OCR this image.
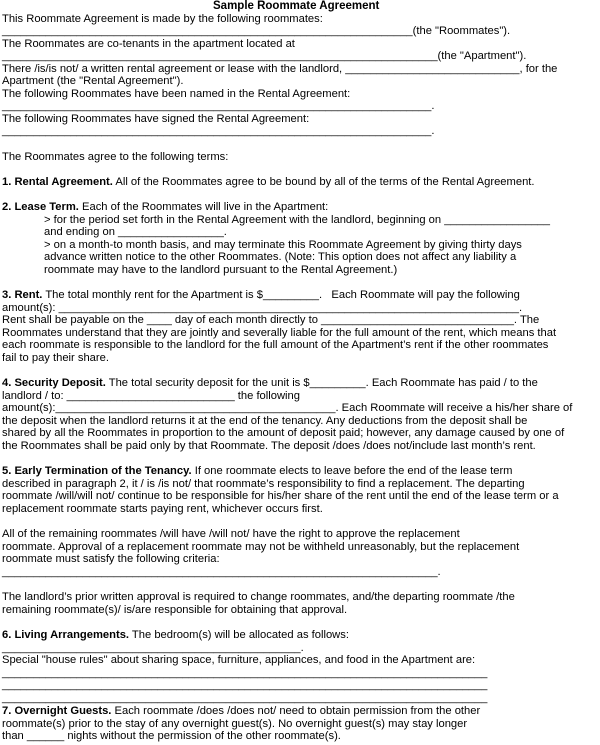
Sample Roommate Agreement
This Roommate Agreement is made by the following roommates:
__________________________________________________________________(the "Roommates").
The Roommates are co-tenants in the apartment located at
______________________________________________________________________(the "Apartment").
There /is/is not/ a written rental agreement or lease with the landlord, ____________________________, for the
Apartment (the "Rental Agreement").
The following Roommates have been named in the Rental Agreement:
_____________________________________________________________________.
The following Roommates have signed the Rental Agreement:
_____________________________________________________________________.
The Roommates agree to the following terms:
1. Rental Agreement. All of the Roommates agree to be bound by all of the terms of the Rental Agreement.
2. Lease Term. Each of the Roommates will live in the Apartment:
> for the period set forth in the Rental Agreement with the landlord, beginning on _________________
and ending on _________________.
> on a month-to month basis, and may terminate this Roommate Agreement by giving thirty days
advance written notice to the other Roommates. (Note: This option does not affect any liability a
roommate may have to the landlord pursuant to the Rental Agreement.)
3. Rent. The total monthly rent for the Apartment is $_________.   Each Roommate will pay the following
amount(s): __________________________________________________________________________.
Rent shall be payable on the ____ day of each month directly to _______________________________. The
Roommates understand that they are jointly and severally liable for the full amount of the rent, which means that
each roommate is responsible to the landlord for the full amount of the Apartment’s rent if the other roommates
fail to pay their share.
4. Security Deposit. The total security deposit for the unit is $_________. Each Roommate has paid / to the
landlord / to: ___________________________ the following
amount(s):_____________________________________________. Each Roommate will receive a his/her share of
the deposit when the landlord returns it at the end of the tenancy. Any deductions from the deposit shall be
shared by all the Roommates in proportion to the amount of deposit paid; however, any damage caused by one of
the Roommates shall be paid only by that Roommate. The deposit /does /does not/include last month’s rent.
5. Early Termination of the Tenancy. If one roommate elects to leave before the end of the lease term
described in paragraph 2, it / is /is not/ that roommate’s responsibility to find a replacement. The departing
roommate /will/will not/ continue to be responsible for his/her share of the rent until the end of the lease term or a
replacement roommate starts paying rent, whichever occurs first.
All of the remaining roommates /will have /will not/ have the right to approve the replacement
roommate. Approval of a replacement roommate may not be withheld unreasonably, but the replacement
roommate must satisfy the following criteria:
______________________________________________________________________.
The landlord’s prior written approval is required to change roommates, and/the departing roommate /the
remaining roommate(s)/ is/are responsible for obtaining that approval.
6. Living Arrangements. The bedroom(s) will be allocated as follows:
________________________________________________.
Special "house rules" about sharing space, furniture, appliances, and food in the Apartment are:
______________________________________________________________________________
______________________________________________________________________________
______________________________________________________________________________
7. Overnight Guests. Each roommate /does /does not/ need to obtain permission from the other
roommate(s) prior to the stay of any overnight guest(s). No overnight guest(s) may stay longer
than ______ nights without the permission of the other roommate(s).
